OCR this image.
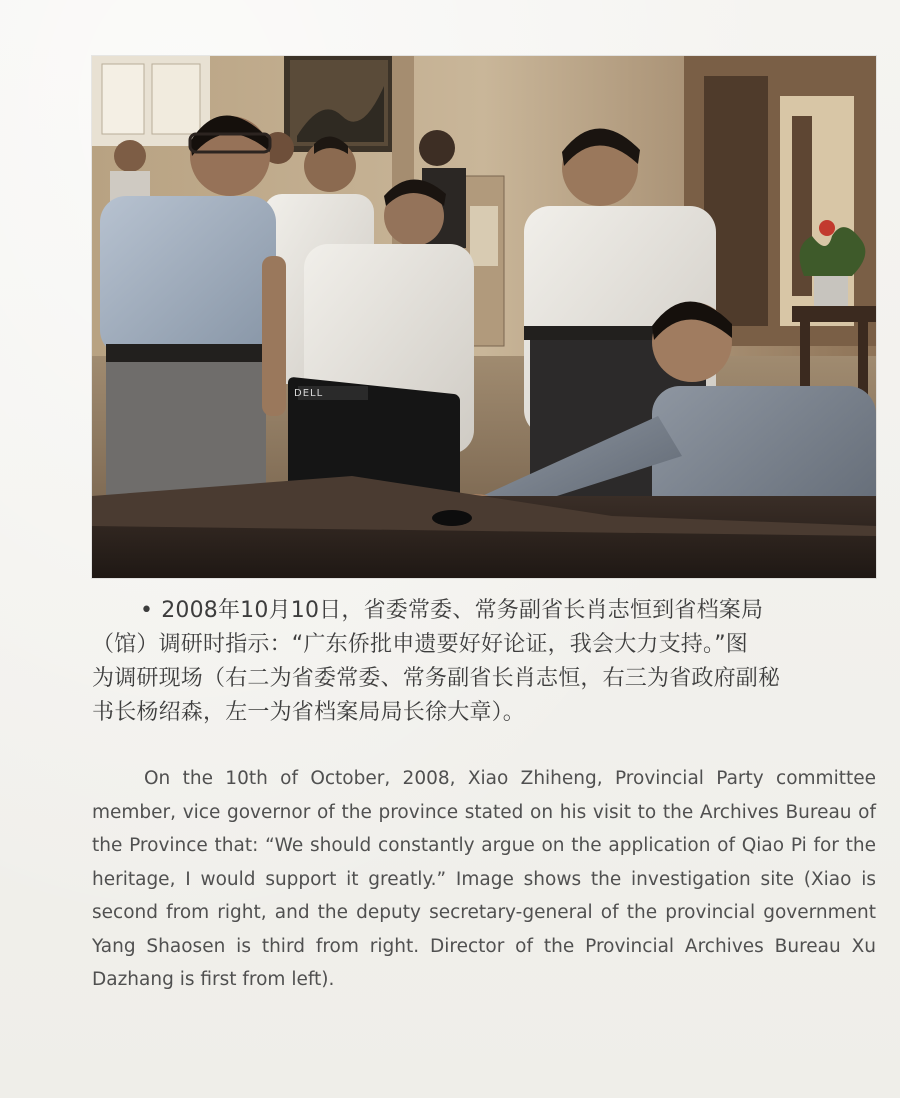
DELL
• 2008年10月10日，省委常委、常务副省长肖志恒到省档案局
（馆）调研时指示：“广东侨批申遗要好好论证，我会大力支持。”图
为调研现场（右二为省委常委、常务副省长肖志恒，右三为省政府副秘
书长杨绍森，左一为省档案局局长徐大章）。
On the 10th of October, 2008, Xiao Zhiheng, Provincial Party committee member, vice governor of the province stated on his visit to the Archives Bureau of the Province that: “We should constantly argue on the application of Qiao Pi for the heritage, I would support it greatly.” Image shows the investigation site (Xiao is second from right, and the deputy secretary-general of the provincial government Yang Shaosen is third from right. Director of the Provincial Archives Bureau Xu Dazhang is first from left).
